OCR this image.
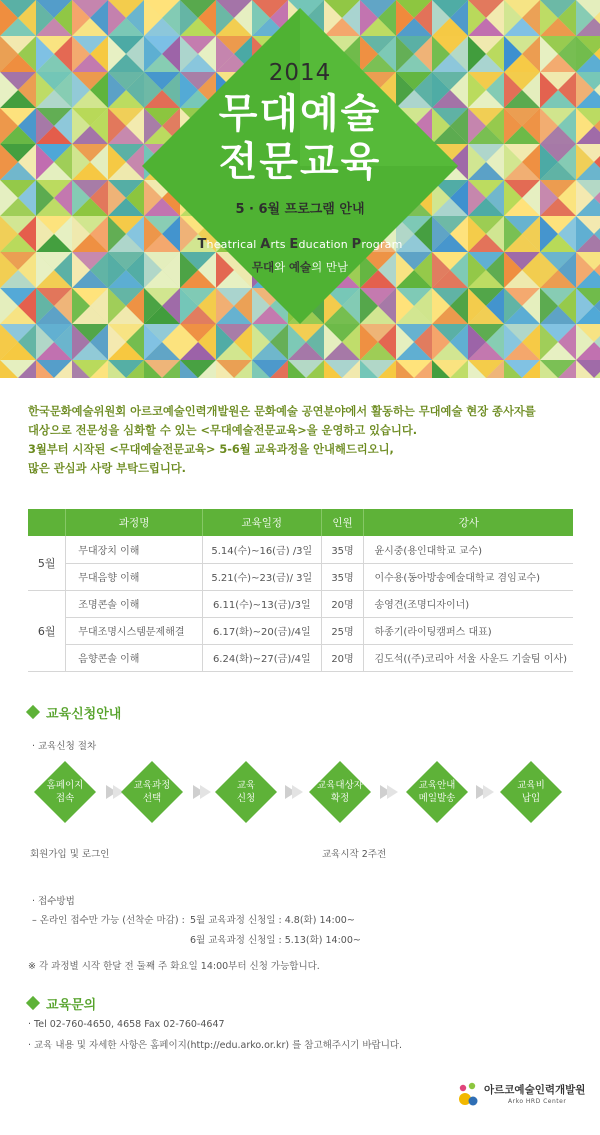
2014
무대예술
전문교육
5 · 6월 프로그램 안내
Theatrical Arts Education Program
무대와 예술의 만남

한국문화예술위원회 아르코예술인력개발원은 문화예술 공연분야에서 활동하는 무대예술 현장 종사자를

대상으로 전문성을 심화할 수 있는 <무대예술전문교육>을 운영하고 있습니다.

3월부터 시작된 <무대예술전문교육> 5-6월 교육과정을 안내해드리오니,

많은 관심과 사랑 부탁드립니다.

	과정명	교육일정	인원	강사
5월	무대장치 이해	5.14(수)~16(금) /3일	35명	윤시중(용인대학교 교수)
	무대음향 이해	5.21(수)~23(금)/ 3일	35명	이수용(동아방송예술대학교 겸임교수)
6월	조명콘솔 이해	6.11(수)~13(금)/3일	20명	송영견(조명디자이너)
	무대조명시스템문제해결	6.17(화)~20(금)/4일	25명	하종기(라이팅캠퍼스 대표)
	음향콘솔 이해	6.24(화)~27(금)/4일	20명	김도석((주)코리아 서울 사운드 기술팀 이사)
교육신청안내
· 교육신청 절차
홈페이지
접속
교육과정
선택
교육
신청
교육대상자
확정
교육안내
메일발송
교육비
납입
회원가입 및 로그인	교육시작 2주전
· 접수방법
– 온라인 접수만 가능 (선착순 마감) : 5월 교육과정 신청일 : 4.8(화) 14:00~
6월 교육과정 신청일 : 5.13(화) 14:00~
※ 각 과정별 시작 한달 전 둘째 주 화요일 14:00부터 신청 가능합니다.
교육문의
· Tel 02-760-4650, 4658 Fax 02-760-4647
· 교육 내용 및 자세한 사항은 홈페이지(http://edu.arko.or.kr) 를 참고해주시기 바랍니다.
아르코예술인력개발원
Arko HRD Center
